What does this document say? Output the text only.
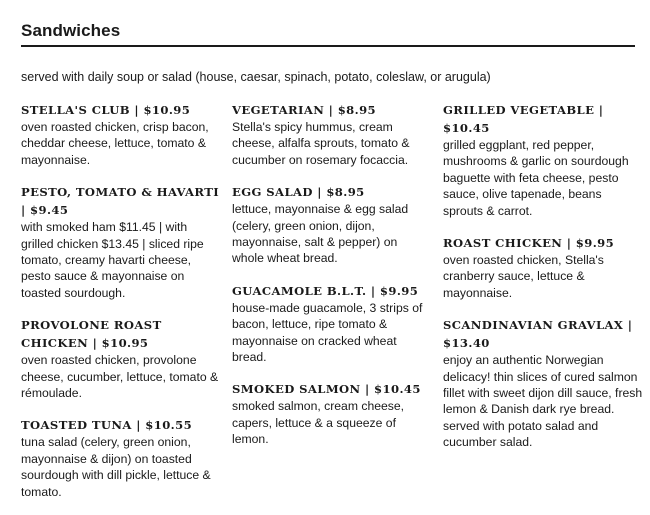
Sandwiches
served with daily soup or salad (house, caesar, spinach, potato, coleslaw, or arugula)
STELLA'S CLUB | $10.95
oven roasted chicken, crisp bacon, cheddar cheese, lettuce, tomato & mayonnaise.
PESTO, TOMATO & HAVARTI | $9.45
with smoked ham $11.45 | with grilled chicken $13.45 | sliced ripe tomato, creamy havarti cheese, pesto sauce & mayonnaise on toasted sourdough.
PROVOLONE ROAST CHICKEN | $10.95
oven roasted chicken, provolone cheese, cucumber, lettuce, tomato & rémoulade.
TOASTED TUNA | $10.55
tuna salad (celery, green onion, mayonnaise & dijon) on toasted sourdough with dill pickle, lettuce & tomato.
VEGETARIAN | $8.95
Stella's spicy hummus, cream cheese, alfalfa sprouts, tomato & cucumber on rosemary focaccia.
EGG SALAD | $8.95
lettuce, mayonnaise & egg salad (celery, green onion, dijon, mayonnaise, salt & pepper) on whole wheat bread.
GUACAMOLE B.L.T. | $9.95
house-made guacamole, 3 strips of bacon, lettuce, ripe tomato & mayonnaise on cracked wheat bread.
SMOKED SALMON | $10.45
smoked salmon, cream cheese, capers, lettuce & a squeeze of lemon.
GRILLED VEGETABLE | $10.45
grilled eggplant, red pepper, mushrooms & garlic on sourdough baguette with feta cheese, pesto sauce, olive tapenade, beans sprouts & carrot.
ROAST CHICKEN | $9.95
oven roasted chicken, Stella's cranberry sauce, lettuce & mayonnaise.
SCANDINAVIAN GRAVLAX | $13.40
enjoy an authentic Norwegian delicacy! thin slices of cured salmon fillet with sweet dijon dill sauce, fresh lemon & Danish dark rye bread. served with potato salad and cucumber salad.
